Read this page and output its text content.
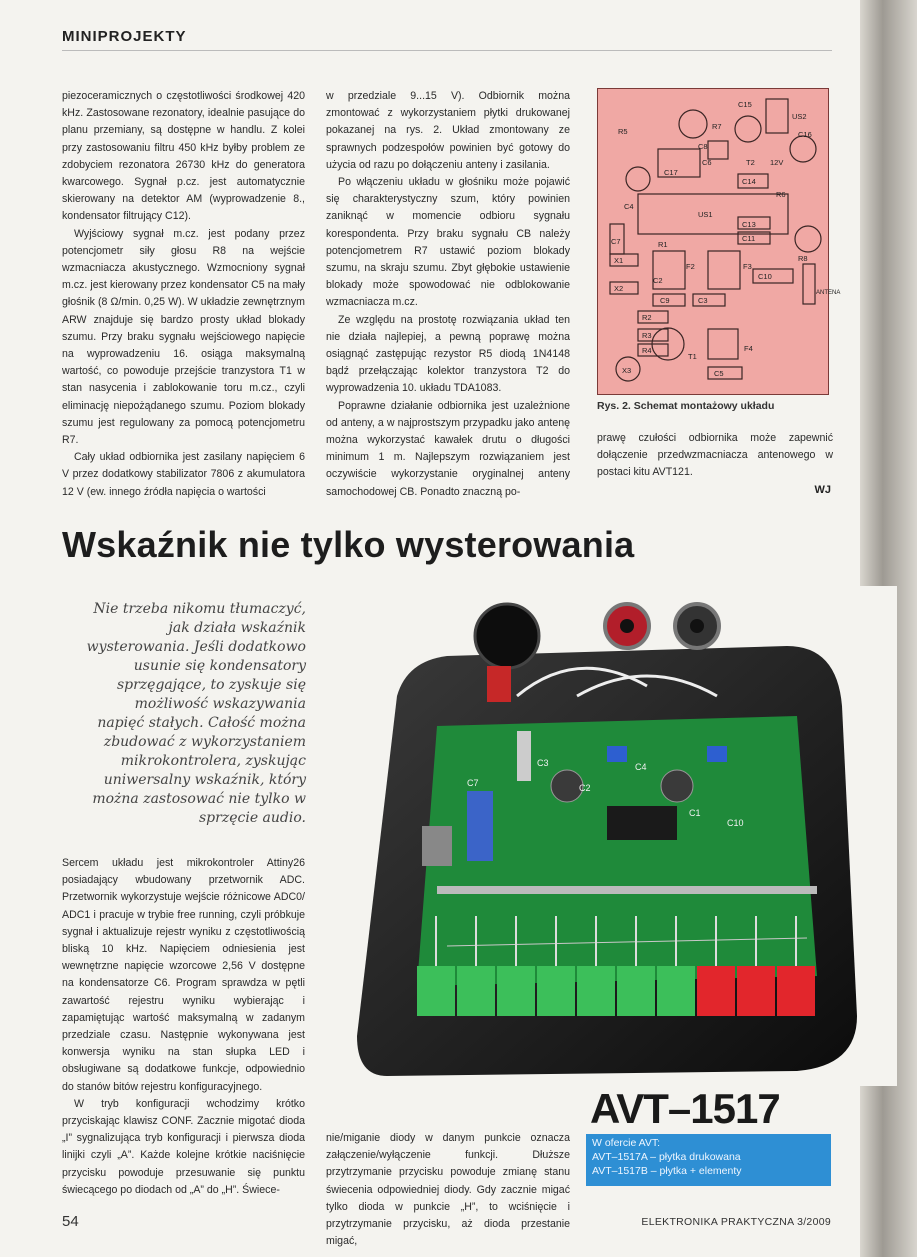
MINIPROJEKTY

piezoceramicznych o częstotliwości środkowej 420 kHz. Zastosowane rezonatory, idealnie pasujące do planu przemiany, są dostępne w handlu. Z kolei przy zastosowaniu filtru 450 kHz byłby problem ze zdobyciem rezonatora 26730 kHz do generatora kwarcowego. Sygnał p.cz. jest automatycznie skierowany na detektor AM (wyprowadzenie 8., kondensator filtrujący C12).

Wyjściowy sygnał m.cz. jest podany przez potencjometr siły głosu R8 na wejście wzmacniacza akustycznego. Wzmocniony sygnał m.cz. jest kierowany przez kondensator C5 na mały głośnik (8 Ω/min. 0,25 W). W układzie zewnętrznym ARW znajduje się bardzo prosty układ blokady szumu. Przy braku sygnału wejściowego napięcie na wyprowadzeniu 16. osiąga maksymalną wartość, co powoduje przejście tranzystora T1 w stan nasycenia i zablokowanie toru m.cz., czyli eliminację niepożądanego szumu. Poziom blokady szumu jest regulowany za pomocą potencjometru R7.

Cały układ odbiornika jest zasilany napięciem 6 V przez dodatkowy stabilizator 7806 z akumulatora 12 V (ew. innego źródła napięcia o wartości

w przedziale 9...15 V). Odbiornik można zmontować z wykorzystaniem płytki drukowanej pokazanej na rys. 2. Układ zmontowany ze sprawnych podzespołów powinien być gotowy do użycia od razu po dołączeniu anteny i zasilania.

Po włączeniu układu w głośniku może pojawić się charakterystyczny szum, który powinien zaniknąć w momencie odbioru sygnału korespondenta. Przy braku sygnału CB należy potencjometrem R7 ustawić poziom blokady szumu, na skraju szumu. Zbyt głębokie ustawienie blokady może spowodować nie odblokowanie wzmacniacza m.cz.

Ze względu na prostotę rozwiązania układ ten nie działa najlepiej, a pewną poprawę można osiągnąć zastępując rezystor R5 diodą 1N4148 bądź przełączając kolektor tranzystora T2 do wyprowadzenia 10. układu TDA1083.

Poprawne działanie odbiornika jest uzależnione od anteny, a w najprostszym przypadku jako antenę można wykorzystać kawałek drutu o długości minimum 1 m. Najlepszym rozwiązaniem jest oczywiście wykorzystanie oryginalnej anteny samochodowej CB. Ponadto znaczną po-

R5
R7
C15
US2
C16
C8
C6	T2 12V
C14
C4
US1
C13
C7	C11
R6
C17
R1
X1
F2	F3
R8
C10
ANTENA
C2
X2
C9	C3
R2
R3
T1
R4
X3
F4
C5
Rys. 2. Schemat montażowy układu

prawę czułości odbiornika może zapewnić dołączenie przedwzmacniacza antenowego w postaci kitu AVT121.

WJ
Wskaźnik nie tylko wysterowania
Nie trzeba nikomu tłumaczyć, jak działa wskaźnik wysterowania. Jeśli dodatkowo usunie się kondensatory sprzęgające, to zyskuje się możliwość wskazywania napięć stałych. Całość można zbudować z wykorzystaniem mikrokontrolera, zyskując uniwersalny wskaźnik, który można zastosować nie tylko w sprzęcie audio.
C2
C7
C1
C3	C4
C10

Sercem układu jest mikrokontroler Attiny26 posiadający wbudowany przetwornik ADC. Przetwornik wykorzystuje wejście różnicowe ADC0/ ADC1 i pracuje w trybie free running, czyli próbkuje sygnał i aktualizuje rejestr wyniku z częstotliwością bliską 10 kHz. Napięciem odniesienia jest wewnętrzne napięcie wzorcowe 2,56 V dostępne na kondensatorze C6. Program sprawdza w pętli zawartość rejestru wyniku wybierając i zapamiętując wartość maksymalną w zadanym przedziale czasu. Następnie wykonywana jest konwersja wyniku na stan słupka LED i obsługiwane są dodatkowe funkcje, odpowiednio do stanów bitów rejestru konfiguracyjnego.

W tryb konfiguracji wchodzimy krótko przyciskając klawisz CONF. Zacznie migotać dioda „I” sygnalizująca tryb konfiguracji i pierwsza dioda linijki czyli „A”. Każde kolejne krótkie naciśnięcie przycisku powoduje przesuwanie się punktu świecącego po diodach od „A” do „H”. Świece-

nie/miganie diody w danym punkcie oznacza załączenie/wyłączenie funkcji. Dłuższe przytrzymanie przycisku powoduje zmianę stanu świecenia odpowiedniej diody. Gdy zacznie migać tylko dioda w punkcie „H”, to wciśnięcie i przytrzymanie przycisku, aż dioda przestanie migać,

AVT–1517
W ofercie AVT:
AVT–1517A – płytka drukowana
AVT–1517B – płytka + elementy
54	ELEKTRONIKA PRAKTYCZNA 3/2009
